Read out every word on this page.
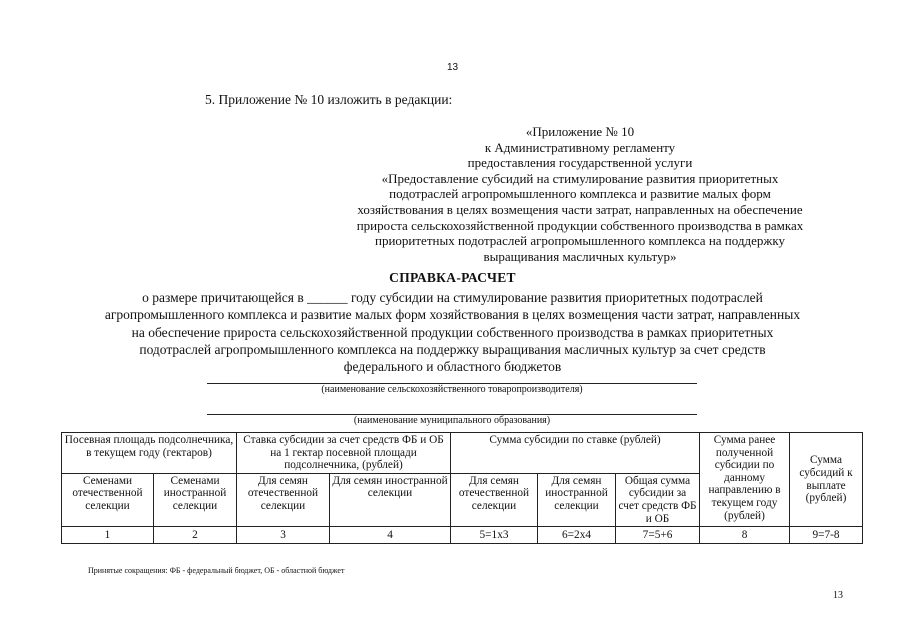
13
5. Приложение № 10 изложить в редакции:
«Приложение № 10
к Административному регламенту
предоставления государственной услуги
«Предоставление субсидий на стимулирование развития приоритетных
подотраслей агропромышленного комплекса и развитие малых форм
хозяйствования в целях возмещения части затрат, направленных на обеспечение
прироста сельскохозяйственной продукции собственного производства в рамках
приоритетных подотраслей агропромышленного комплекса на поддержку
выращивания масличных культур»
СПРАВКА-РАСЧЕТ
о размере причитающейся в ______ году субсидии на стимулирование развития приоритетных подотраслей
агропромышленного комплекса и развитие малых форм хозяйствования в целях возмещения части затрат, направленных
на обеспечение прироста сельскохозяйственной продукции собственного производства в рамках приоритетных
подотраслей агропромышленного комплекса на поддержку выращивания масличных культур за счет средств
федерального и областного бюджетов
(наименование сельскохозяйственного товаропроизводителя)
(наименование муниципального образования)
Посевная площадь подсолнечника, в текущем году (гектаров)		Ставка субсидии за счет средств ФБ и ОБ на 1 гектар посевной площади подсолнечника, (рублей)		Сумма субсидии по ставке (рублей)			Сумма ранее полученной субсидии по данному направлению в текущем году (рублей)	Сумма субсидий к выплате (рублей)
Семенами отечественной селекции	Семенами иностранной селекции	Для семян отечественной селекции	Для семян иностранной селекции	Для семян отечественной селекции	Для семян иностранной селекции	Общая сумма субсидии за счет средств ФБ и ОБ		
1	2	3	4	5=1х3	6=2х4	7=5+6	8	9=7-8
Принятые сокращения: ФБ - федеральный бюджет, ОБ - областной бюджет
13
